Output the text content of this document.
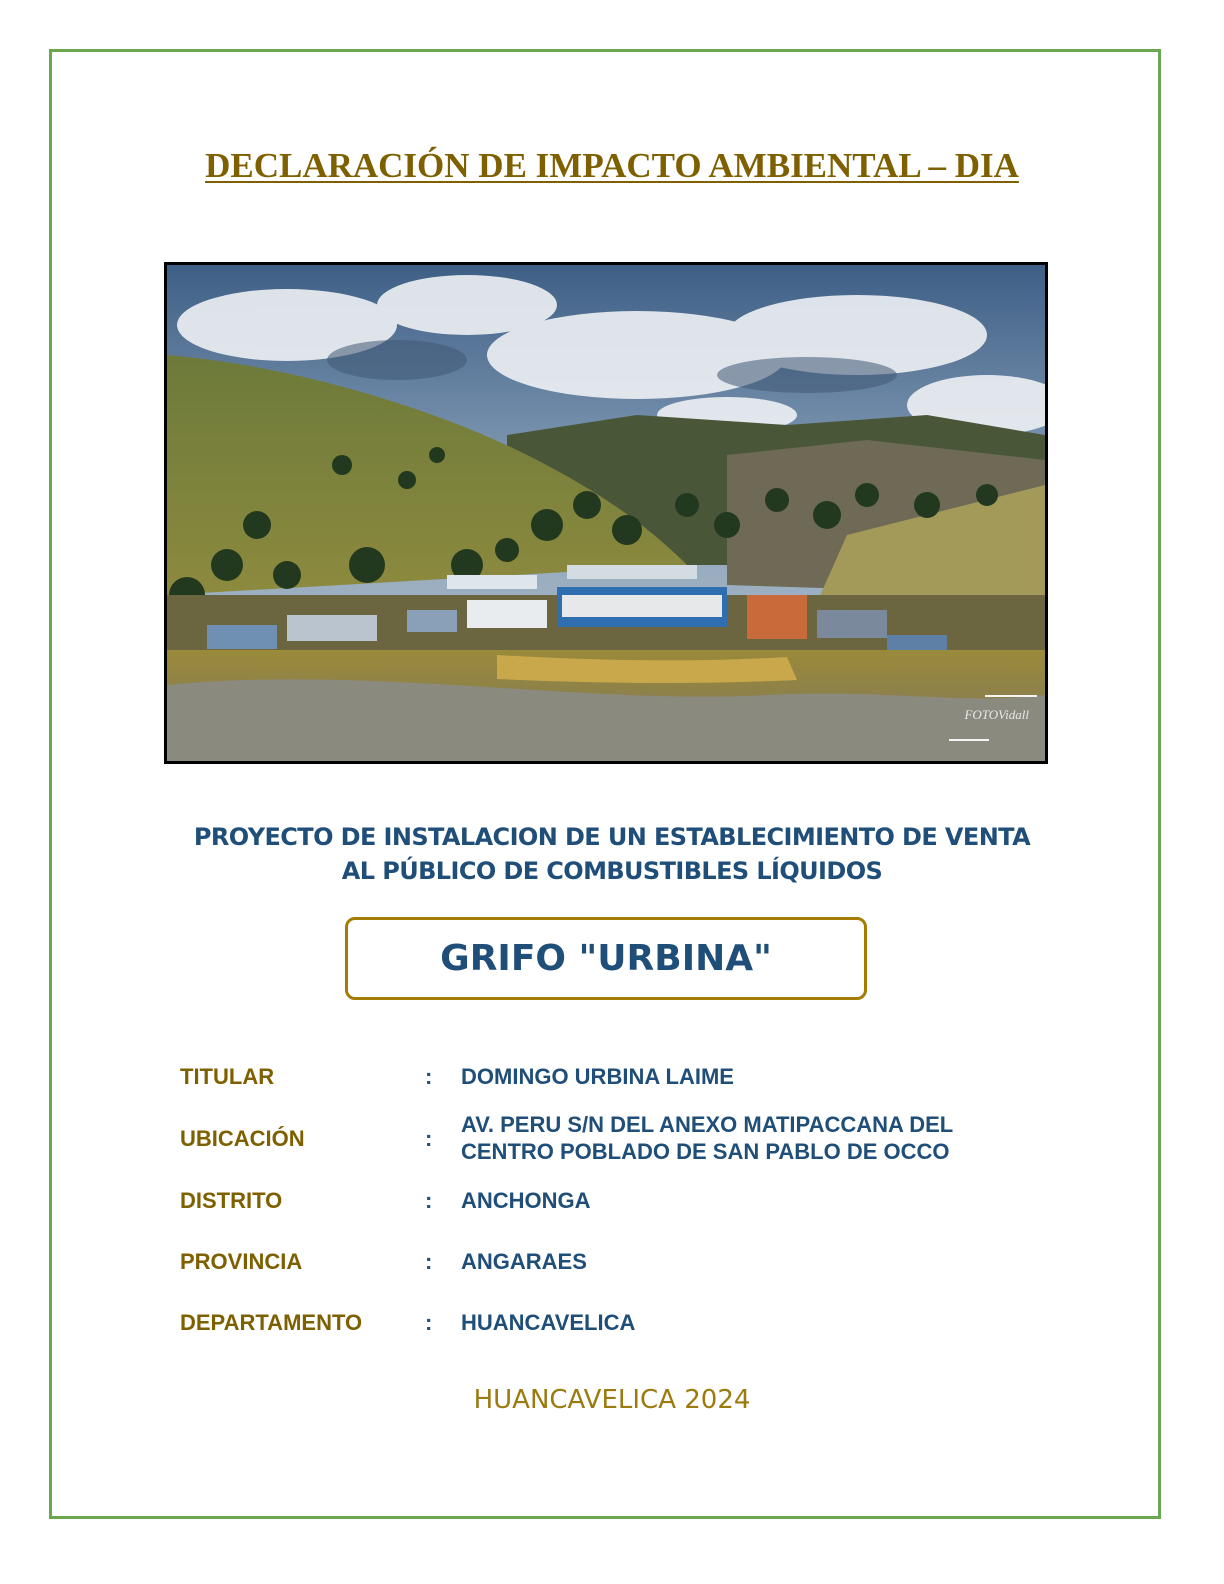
DECLARACIÓN DE IMPACTO AMBIENTAL – DIA
FOTOVidall
PROYECTO DE INSTALACION DE UN ESTABLECIMIENTO DE VENTA
AL PÚBLICO DE COMBUSTIBLES LÍQUIDOS
GRIFO "URBINA"
TITULAR	:	DOMINGO URBINA LAIME
UBICACIÓN	:
AV. PERU S/N DEL ANEXO MATIPACCANA DEL
CENTRO POBLADO DE SAN PABLO DE OCCO
DISTRITO	:	ANCHONGA
PROVINCIA	:	ANGARAES
DEPARTAMENTO	:	HUANCAVELICA
HUANCAVELICA 2024
